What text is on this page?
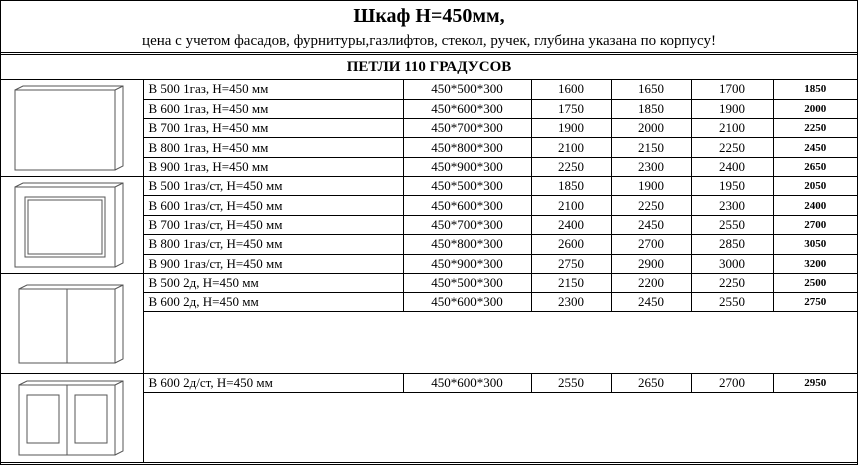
Шкаф H=450мм,
цена с учетом фасадов, фурнитуры,газлифтов, стекол, ручек, глубина указана по корпусу!
ПЕТЛИ 110 ГРАДУСОВ
	B 500 1газ, H=450 мм	450*500*300	1600	1650	1700	1850
	B 600 1газ, H=450 мм	450*600*300	1750	1850	1900	2000
	B 700 1газ, H=450 мм	450*700*300	1900	2000	2100	2250
	B 800 1газ, H=450 мм	450*800*300	2100	2150	2250	2450
	B 900 1газ, H=450 мм	450*900*300	2250	2300	2400	2650

	B 500 1газ/ст, H=450 мм	450*500*300	1850	1900	1950	2050
	B 600 1газ/ст, H=450 мм	450*600*300	2100	2250	2300	2400
	B 700 1газ/ст, H=450 мм	450*700*300	2400	2450	2550	2700
	B 800 1газ/ст, H=450 мм	450*800*300	2600	2700	2850	3050
	B 900 1газ/ст, H=450 мм	450*900*300	2750	2900	3000	3200

	B 500 2д, H=450 мм	450*500*300	2150	2200	2250	2500
	B 600 2д, H=450 мм	450*600*300	2300	2450	2550	2750

	B 600 2д/ст, H=450 мм	450*600*300	2550	2650	2700	2950
